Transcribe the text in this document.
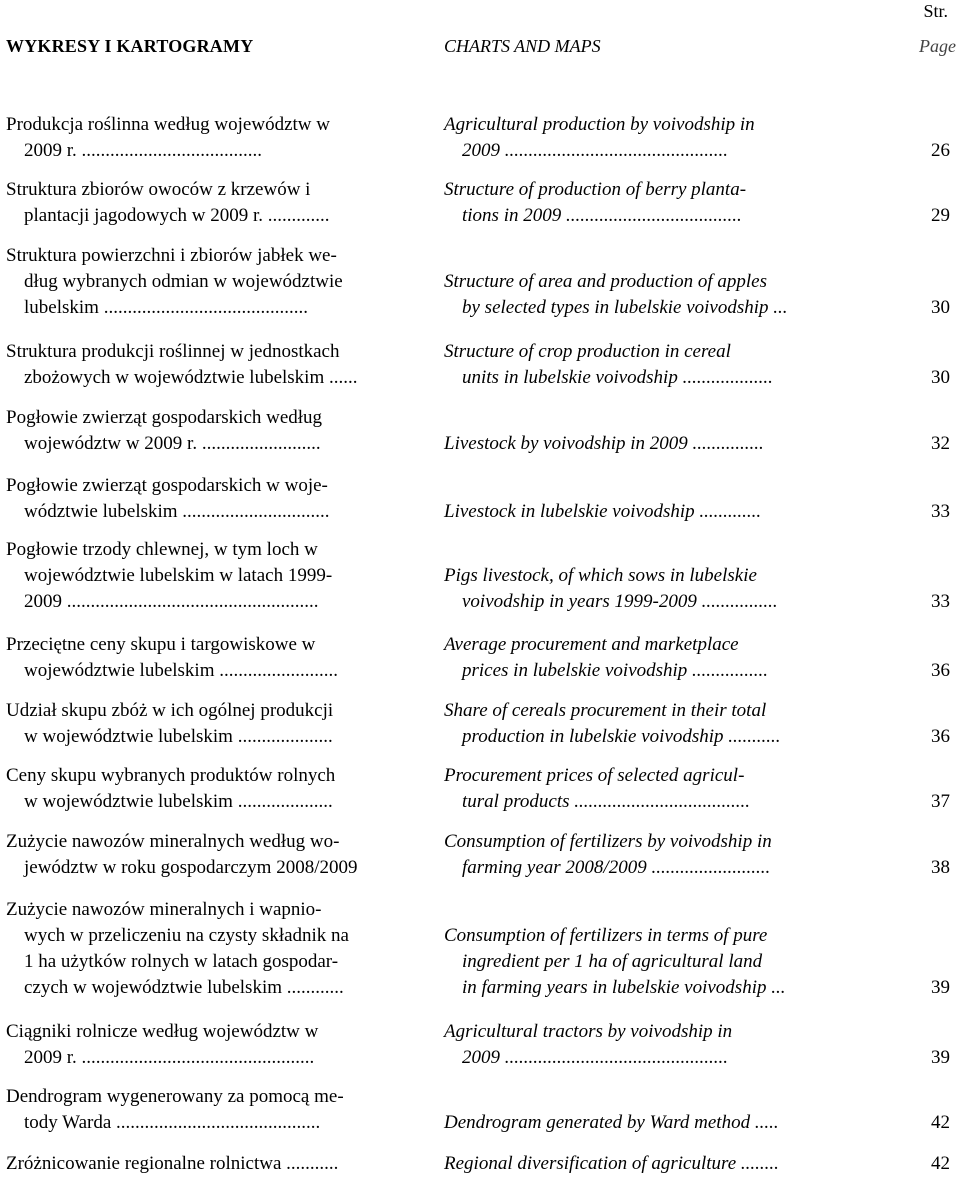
Str.
WYKRESY I KARTOGRAMY	CHARTS AND MAPS	Page
Produkcja roślinna według województw w
2009 r. ......................................
Agricultural production by voivodship in
2009 ...............................................	26
Struktura zbiorów owoców z krzewów i
plantacji jagodowych w 2009 r. .............
Structure of production of berry planta-
tions in 2009 .....................................	29
Struktura powierzchni i zbiorów jabłek we-
dług wybranych odmian w województwie
lubelskim ...........................................
Structure of area and production of apples
by selected types in lubelskie voivodship ...	30
Struktura produkcji roślinnej w jednostkach
zbożowych w województwie lubelskim ......
Structure of crop production in cereal
units in lubelskie voivodship ...................	30
Pogłowie zwierząt gospodarskich według
województw w 2009 r. .........................	Livestock by voivodship in 2009 ...............	32
Pogłowie zwierząt gospodarskich w woje-
wództwie lubelskim ...............................	Livestock in lubelskie voivodship .............	33
Pogłowie trzody chlewnej, w tym loch w
województwie lubelskim w latach 1999-
2009 .....................................................
Pigs livestock, of which sows in lubelskie
voivodship in years 1999-2009 ................	33
Przeciętne ceny skupu i targowiskowe w
województwie lubelskim .........................
Average procurement and marketplace
prices in lubelskie voivodship ................	36
Udział skupu zbóż w ich ogólnej produkcji
w województwie lubelskim ....................
Share of cereals procurement in their total
production in lubelskie voivodship ...........	36
Ceny skupu wybranych produktów rolnych
w województwie lubelskim ....................
Procurement prices of selected agricul-
tural products .....................................	37
Zużycie nawozów mineralnych według wo-
jewództw w roku gospodarczym 2008/2009
Consumption of fertilizers by voivodship in
farming year 2008/2009 .........................	38
Zużycie nawozów mineralnych i wapnio-
wych w przeliczeniu na czysty składnik na
1 ha użytków rolnych w latach gospodar-
czych w województwie lubelskim ............
Consumption of fertilizers in terms of pure
ingredient per 1 ha of agricultural land
in farming years in lubelskie voivodship ...	39
Ciągniki rolnicze według województw w
2009 r. .................................................
Agricultural tractors by voivodship in
2009 ...............................................	39
Dendrogram wygenerowany za pomocą me-
tody Warda ...........................................	Dendrogram generated by Ward method .....	42
Zróżnicowanie regionalne rolnictwa ...........	Regional diversification of agriculture ........	42
